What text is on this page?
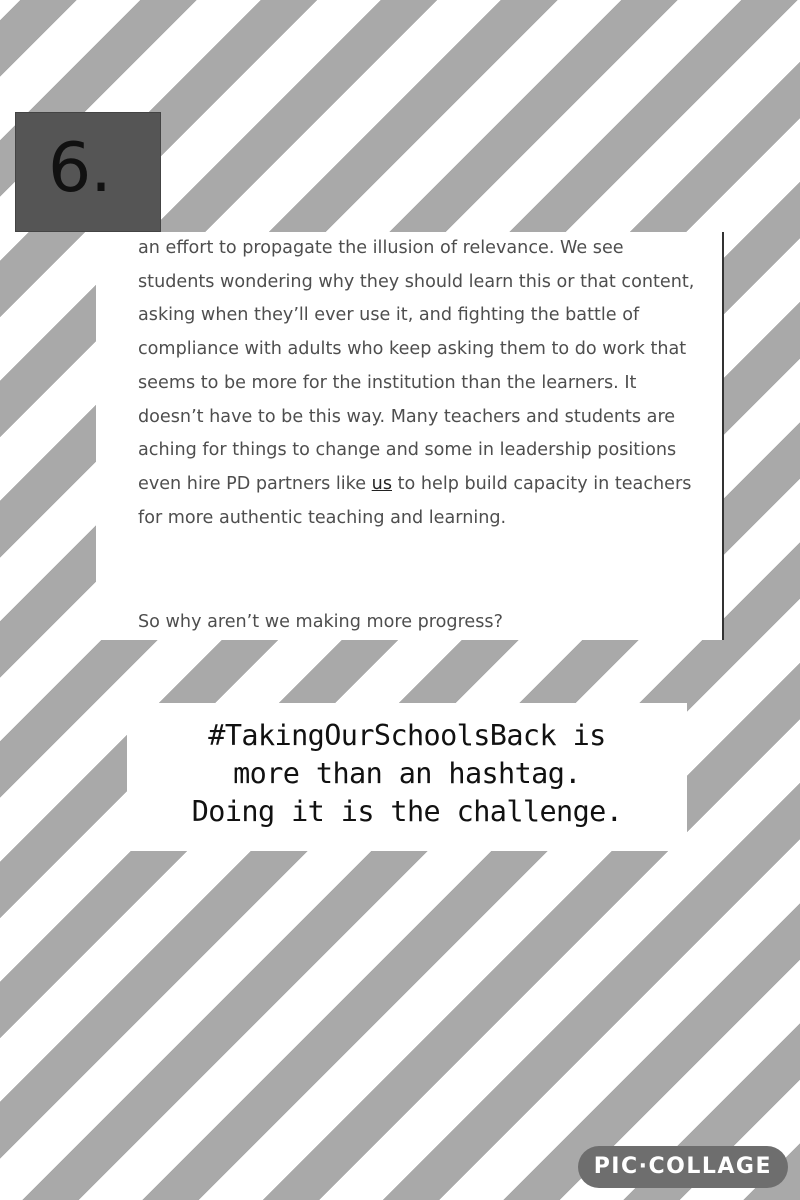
6.

an effort to propagate the illusion of relevance. We see students wondering why they should learn this or that content, asking when they’ll ever use it, and fighting the battle of compliance with adults who keep asking them to do work that seems to be more for the institution than the learners. It doesn’t have to be this way. Many teachers and students are aching for things to change and some in leadership positions even hire PD partners like us to help build capacity in teachers for more authentic teaching and learning.

So why aren’t we making more progress?

#TakingOurSchoolsBack is
more than an hashtag.
Doing it is the challenge.
PIC·COLLAGE
